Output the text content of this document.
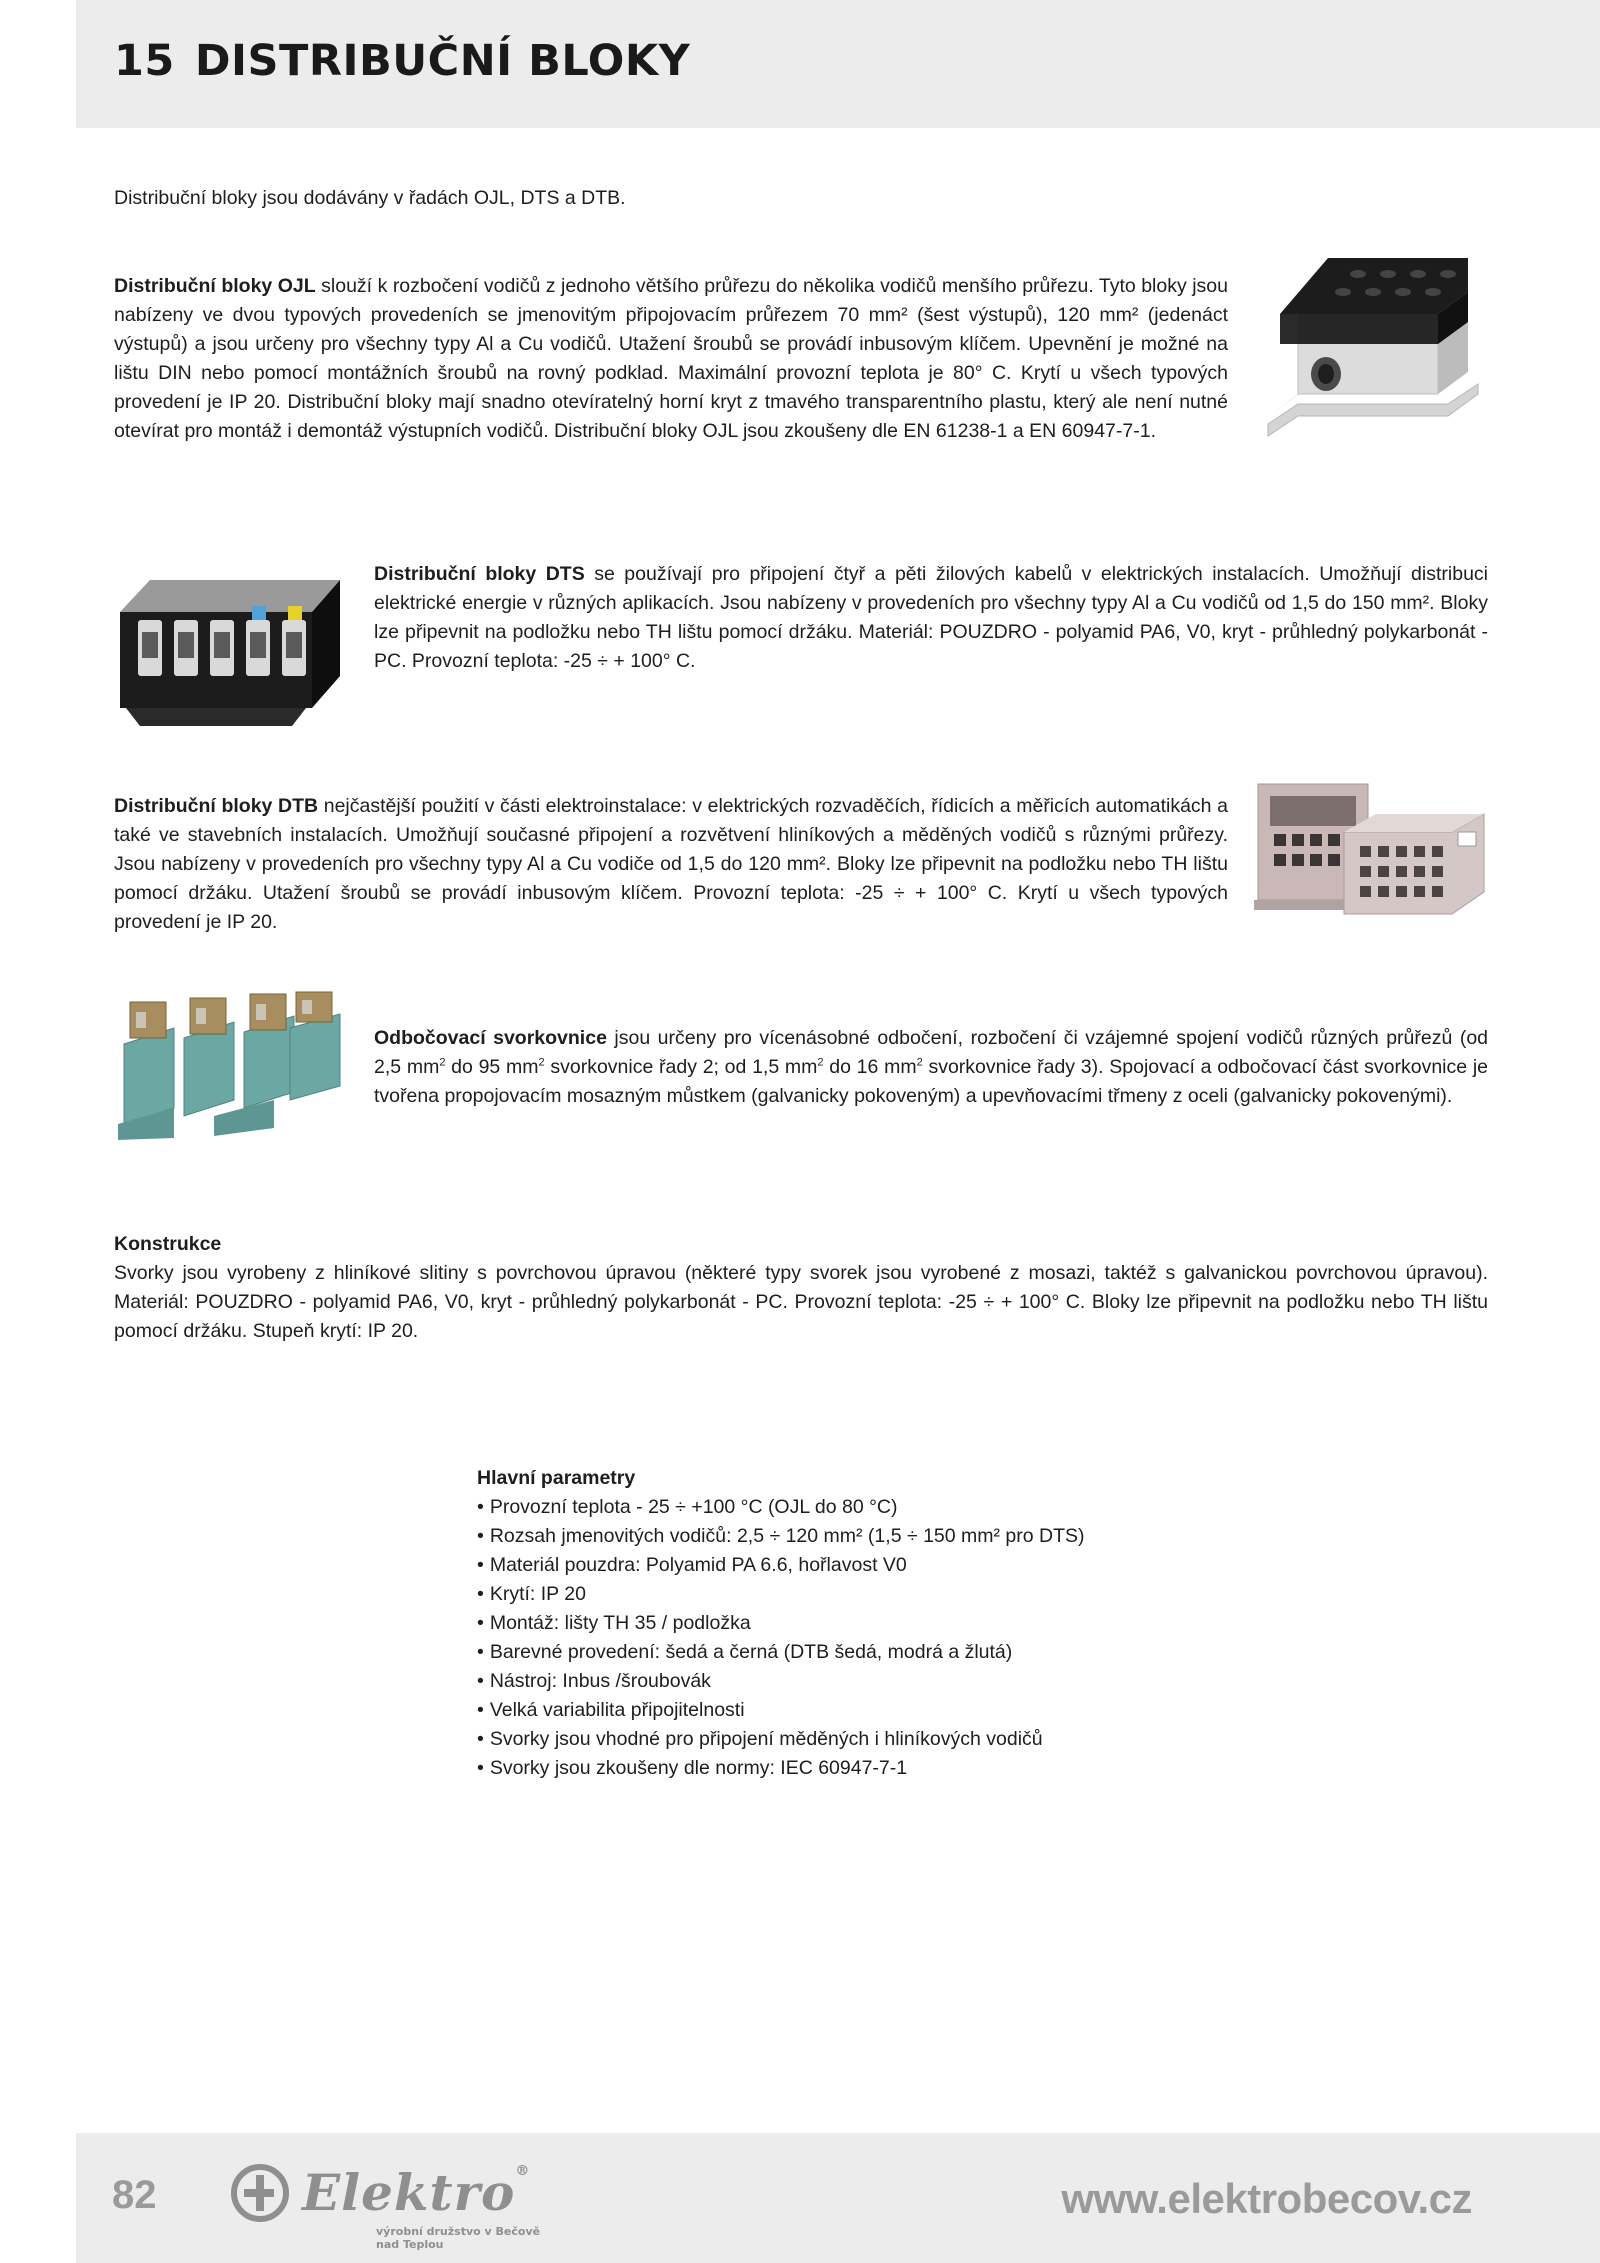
15 DISTRIBUČNÍ BLOKY

Distribuční bloky jsou dodávány v řadách OJL, DTS a DTB.

Distribuční bloky OJL slouží k rozbočení vodičů z jednoho většího průřezu do několika vodičů menšího průřezu. Tyto bloky jsou nabízeny ve dvou typových provedeních se jmenovitým připojovacím průřezem 70 mm² (šest výstupů), 120 mm² (jedenáct výstupů) a jsou určeny pro všechny typy Al a Cu vodičů. Utažení šroubů se provádí inbusovým klíčem. Upevnění je možné na lištu DIN nebo pomocí montážních šroubů na rovný podklad. Maximální provozní teplota je 80° C. Krytí u všech typových provedení je IP 20. Distribuční bloky mají snadno otevíratelný horní kryt z tmavého transparentního plastu, který ale není nutné otevírat pro montáž i demontáž výstupních vodičů. Distribuční bloky OJL jsou zkoušeny dle EN 61238-1 a EN 60947-7-1.

Distribuční bloky DTS se používají pro připojení čtyř a pěti žilových kabelů v elektrických instalacích. Umožňují distribuci elektrické energie v různých aplikacích. Jsou nabízeny v provedeních pro všechny typy Al a Cu vodičů od 1,5 do 150 mm². Bloky lze připevnit na podložku nebo TH lištu pomocí držáku. Materiál: POUZDRO - polyamid PA6, V0, kryt - průhledný polykarbonát - PC. Provozní teplota: -25 ÷ + 100° C.

Distribuční bloky DTB nejčastější použití v části elektroinstalace: v elektrických rozvaděčích, řídicích a měřicích automatikách a také ve stavebních instalacích. Umožňují současné připojení a rozvětvení hliníkových a měděných vodičů s různými průřezy. Jsou nabízeny v provedeních pro všechny typy Al a Cu vodiče od 1,5 do 120 mm². Bloky lze připevnit na podložku nebo TH lištu pomocí držáku. Utažení šroubů se provádí inbusovým klíčem. Provozní teplota: -25 ÷ + 100° C. Krytí u všech typových provedení je IP 20.

Odbočovací svorkovnice jsou určeny pro vícenásobné odbočení, rozbočení či vzájemné spojení vodičů různých průřezů (od 2,5 $mm^2$ do 95 $mm^2$ svorkovnice řady 2; od 1,5 $mm^2$ do 16 $mm^2$ svorkovnice řady 3). Spojovací a odbočovací část svorkovnice je tvořena propojovacím mosazným můstkem (galvanicky pokoveným) a upevňovacími třmeny z oceli (galvanicky pokovenými).

Konstrukce
Svorky jsou vyrobeny z hliníkové slitiny s povrchovou úpravou (některé typy svorek jsou vyrobené z mosazi, taktéž s galvanickou povrchovou úpravou). Materiál: POUZDRO - polyamid PA6, V0, kryt - průhledný polykarbonát - PC. Provozní teplota: -25 ÷ + 100° C. Bloky lze připevnit na podložku nebo TH lištu pomocí držáku. Stupeň krytí: IP 20.

Hlavní parametry

• Provozní teplota - 25 ÷ +100 °C (OJL do 80 °C)
• Rozsah jmenovitých vodičů: 2,5 ÷ 120 mm² (1,5 ÷ 150 mm² pro DTS)
• Materiál pouzdra: Polyamid PA 6.6, hořlavost V0
• Krytí: IP 20
• Montáž: lišty TH 35 / podložka
• Barevné provedení: šedá a černá (DTB šedá, modrá a žlutá)
• Nástroj: Inbus /šroubovák
• Velká variabilita připojitelnosti
• Svorky jsou vhodné pro připojení měděných i hliníkových vodičů
• Svorky jsou zkoušeny dle normy: IEC 60947-7-1
82	Elektro®
výrobní družstvo v Bečově nad Teplou
www.elektrobecov.cz
